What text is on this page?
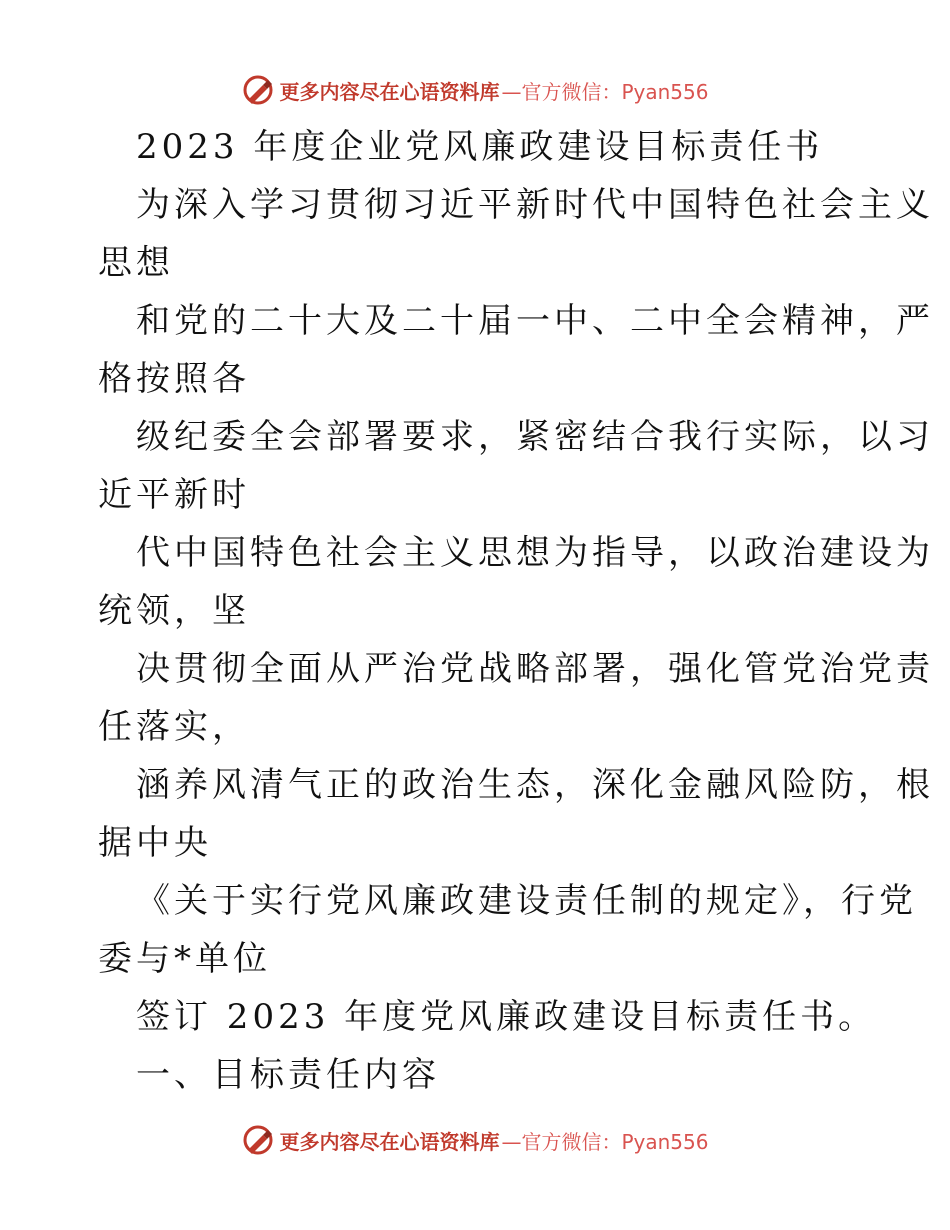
更多内容尽在心语资料库 —官方微信：Pyan556
2023 年度企业党风廉政建设目标责任书
为深入学习贯彻习近平新时代中国特色社会主义
思想
和党的二十大及二十届一中、二中全会精神，严
格按照各
级纪委全会部署要求，紧密结合我行实际，以习
近平新时
代中国特色社会主义思想为指导，以政治建设为
统领，坚
决贯彻全面从严治党战略部署，强化管党治党责
任落实，
涵养风清气正的政治生态，深化金融风险防，根
据中央
《关于实行党风廉政建设责任制的规定》，行党
委与*单位
签订 2023 年度党风廉政建设目标责任书。
一、目标责任内容
更多内容尽在心语资料库 —官方微信：Pyan556
